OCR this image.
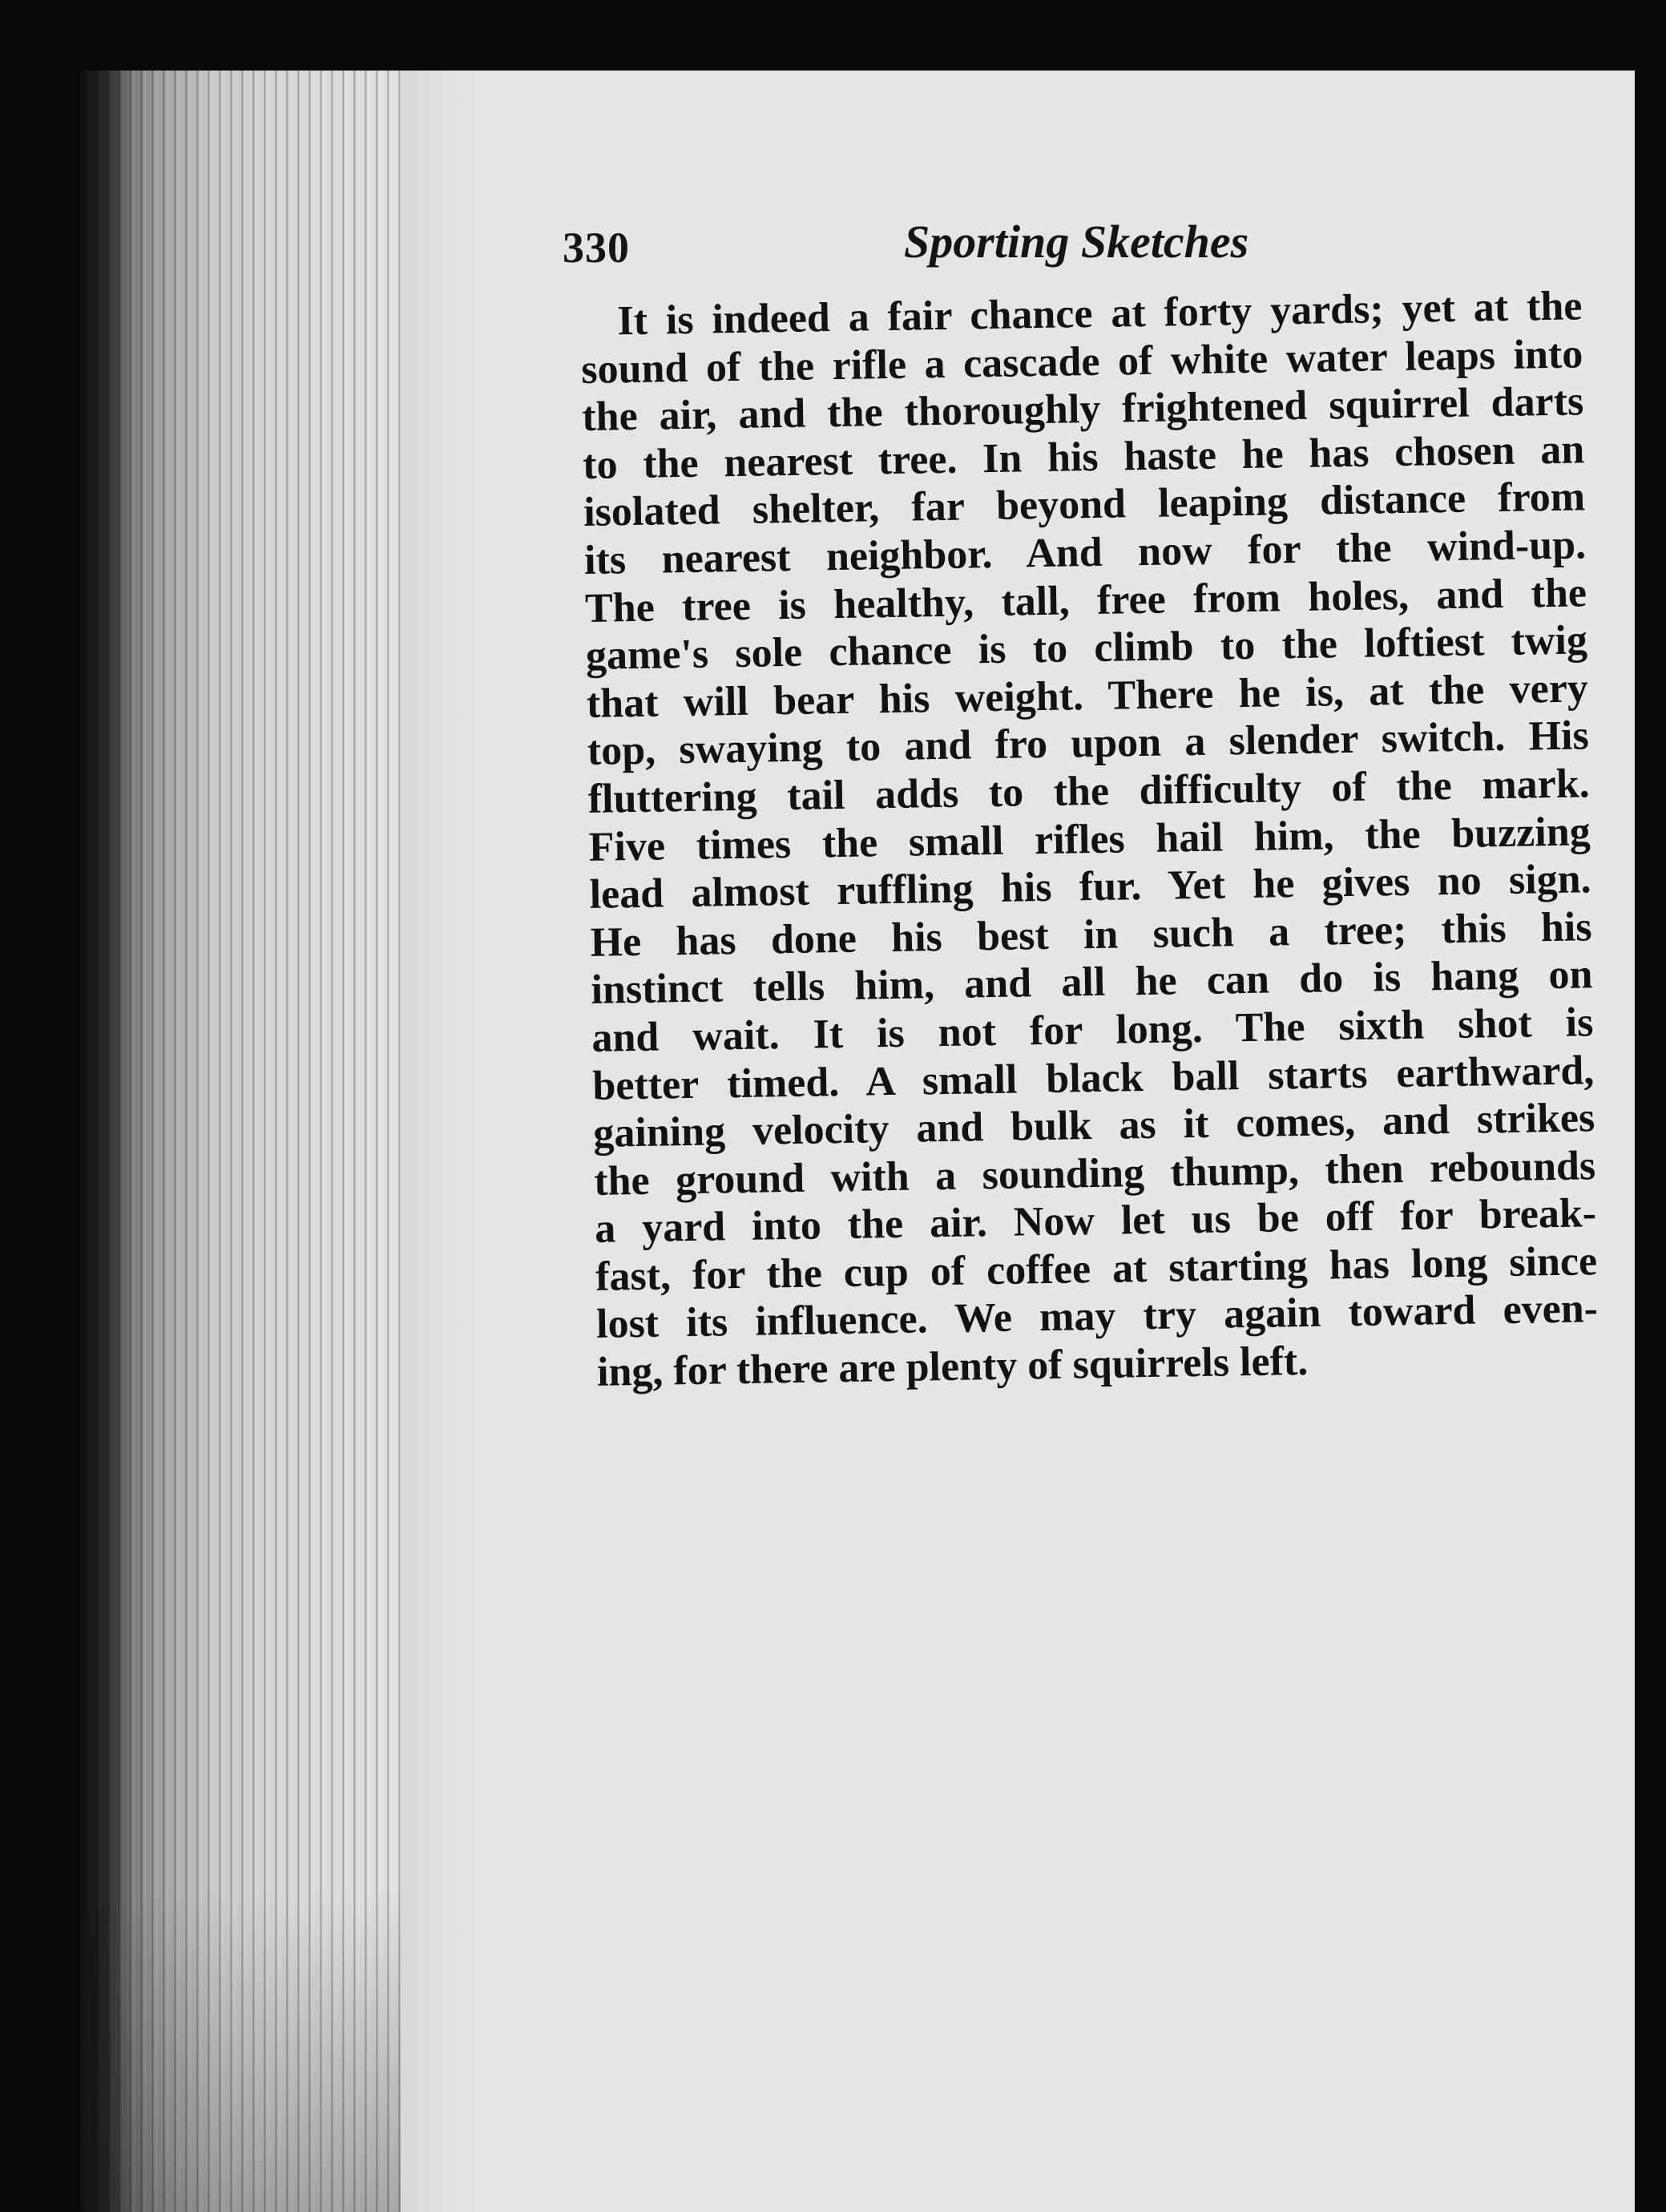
330	Sporting Sketches
It is indeed a fair chance at forty yards; yet at the
sound of the rifle a cascade of white water leaps into
the air, and the thoroughly frightened squirrel darts
to the nearest tree. In his haste he has chosen an
isolated shelter, far beyond leaping distance from
its nearest neighbor. And now for the wind-up.
The tree is healthy, tall, free from holes, and the
game's sole chance is to climb to the loftiest twig
that will bear his weight. There he is, at the very
top, swaying to and fro upon a slender switch. His
fluttering tail adds to the difficulty of the mark.
Five times the small rifles hail him, the buzzing
lead almost ruffling his fur. Yet he gives no sign.
He has done his best in such a tree; this his
instinct tells him, and all he can do is hang on
and wait. It is not for long. The sixth shot is
better timed. A small black ball starts earthward,
gaining velocity and bulk as it comes, and strikes
the ground with a sounding thump, then rebounds
a yard into the air. Now let us be off for break-
fast, for the cup of coffee at starting has long since
lost its influence. We may try again toward even-
ing, for there are plenty of squirrels left.
